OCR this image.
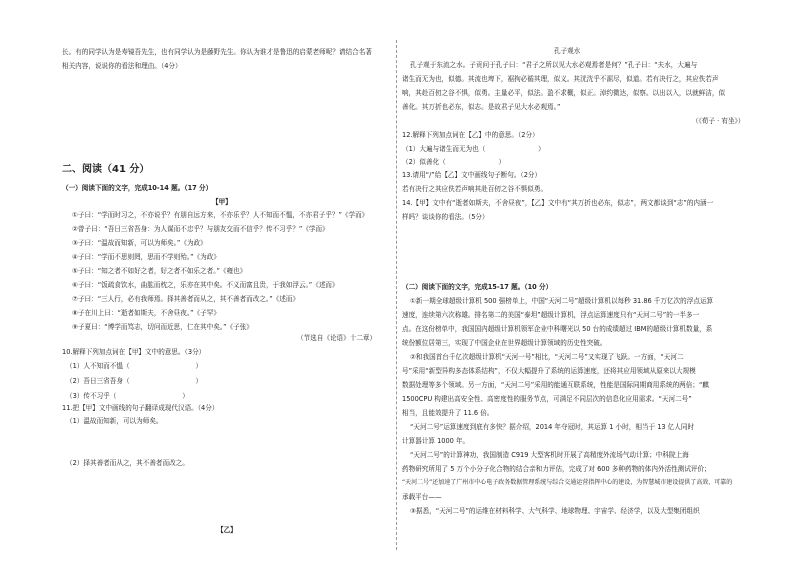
长。有的同学认为是寿镜吾先生，也有同学认为是藤野先生。你认为谁才是鲁迅的启蒙老师呢？请结合名著
相关内容，说说你的看法和理由。（4分）
二、阅读（41 分）
（一）阅读下面的文字，完成10-14 题。（17 分）
【甲】
①子曰：“学而时习之，不亦说乎？有朋自远方来，不亦乐乎？人不知而不愠，不亦君子乎？”《学而》
②曾子曰：“吾日三省吾身：为人谋而不忠乎？与朋友交而不信乎？传不习乎？”《学而》
③子曰：“温故而知新，可以为师矣。”《为政》
④子曰：“学而不思则罔，思而不学则殆。”《为政》
⑤子曰：“知之者不如好之者，好之者不如乐之者。”《雍也》
⑥子曰：“饭疏食饮水，曲肱而枕之，乐亦在其中矣。不义而富且贵，于我如浮云。”《述而》
⑦子曰：“三人行，必有我师焉。择其善者而从之，其不善者而改之。”《述而》
⑧子在川上曰：“逝者如斯夫，不舍昼夜。”《子罕》
⑨子夏曰：“博学而笃志，切问而近思，仁在其中矣。”《子张》
（节选自《论语》十二章）
10.解释下列加点词在【甲】文中的意思。（3分）
（1）人不知而不愠（　　　　　　　　　　）
（2）吾日三省吾身（　　　　　　　　　　）
（3）传不习乎（　　　　　　　　　　）
11.把【甲】文中画线的句子翻译成现代汉语。（4分）
（1）温故而知新，可以为师矣。
（2）择其善者而从之，其不善者而改之。
【乙】
孔子观水
孔子观于东流之水。子贡问于孔子曰：“君子之所以见大水必观焉者是何？”孔子曰：“夫水，大遍与
诸生而无为也，似德。其流也埤下，裾拘必循其理，似义。其洸洸乎不淈尽，似道。若有决行之，其应佚若声
响，其赴百仞之谷不惧，似勇。主量必平，似法。盈不求概，似正。淖约微达，似察。以出以入，以就鲜洁，似
善化。其万折也必东，似志。是故君子见大水必观焉。”
（《荀子 · 宥坐》）
12.解释下列加点词在【乙】中的意思。（2分）
（1）大遍与诸生而无为也（　　　　　　　　）
（2）似善化（　　　　　　　　）
13.请用“/”给【乙】文中画线句子断句。（2分）
若有决行之其应佚若声响其赴百仞之谷不惧似勇。
14.【甲】文中有“逝者如斯夫，不舍昼夜”，【乙】文中有“其万折也必东，似志”，两文都谈到“志”的内涵一
样吗？谈谈你的看法。（5分）
（二）阅读下面的文字，完成15-17 题。（10 分）
①新一期全球超级计算机 500 强榜单上，中国“天河二号”超级计算机以每秒 31.86 千万亿次的浮点运算
速度，连续第六次称雄。排名第二的美国“泰坦”超级计算机，浮点运算速度只有“天河二号”的一半多一
点。在这份榜单中，我国国内超级计算机领军企业中科曙光以 50 台的成绩超过 IBM的超级计算机数量，系
统份额位居第三，实现了中国企业在世界超级计算领域的历史性突破。
②和我国首台千亿次超级计算机“天河一号”相比，“天河二号”又实现了飞跃。一方面，“天河二
号”采用“新型异构多态体系结构”，不仅大幅提升了系统的运算速度，还将其应用领域从原来以大规模
数据处理等多个领域。另一方面，“天河二号”采用的能通互联系统，性能是国际同期商用系统的两倍；“麒
1500CPU 构建出高安全性、高密度性的服务节点，可满足不同层次的信息化应用需求。“天河二号”
相当，且能效提升了 11.6 倍。
“天河二号”运算速度到底有多快？据介绍，2014 年夺冠时，其运算 1 小时，相当于 13 亿人同时
计算器计算 1000 年。
“天河二号”的计算神功，我国制造 C919 大型客机时开展了高精度外流场气动计算；中科院上海
药物研究所用了 5 万个小分子化合物的结合亲和力评估，完成了对 600 多种药物的体内外活性测试评价；
“天河二号”还加速了广州市中心电子政务数据管理系统与综合交通运营指挥中心的建设，为智慧城市建设提供了高效、可靠的
承载平台——
③据悉，“天河二号”的运维在材料科学、大气科学、地球物理、宇宙学、经济学，以及大型集团组织
